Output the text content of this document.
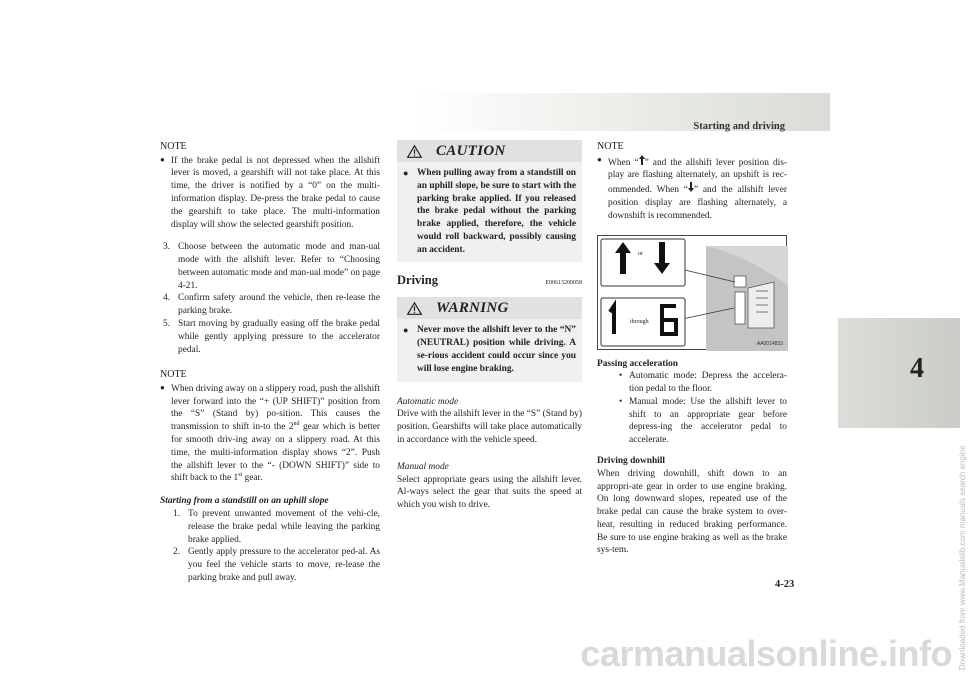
Starting and driving
4
4-23
NOTE
● If the brake pedal is not depressed when the allshift lever is moved, a gearshift will not take place. At this time, the driver is notified by a “0” on the multi-information display. De-press the brake pedal to cause the gearshift to take place. The multi-information display will show the selected gearshift position.
3. Choose between the automatic mode and man-ual mode with the allshift lever. Refer to “Choosing between automatic mode and man-ual mode” on page 4-21.
4. Confirm safety around the vehicle, then re-lease the parking brake.
5. Start moving by gradually easing off the brake pedal while gently applying pressure to the accelerator pedal.
NOTE
● When driving away on a slippery road, push the allshift lever forward into the “+ (UP SHIFT)” position from the “S” (Stand by) po-sition. This causes the transmission to shift in-to the 2nd gear which is better for smooth driv-ing away on a slippery road. At this time, the multi-information display shows “2”. Push the allshift lever to the “- (DOWN SHIFT)” side to shift back to the 1st gear.
Starting from a standstill on an uphill slope
1. To prevent unwanted movement of the vehi-cle, release the brake pedal while leaving the parking brake applied.
2. Gently apply pressure to the accelerator ped-al. As you feel the vehicle starts to move, re-lease the parking brake and pull away.
CAUTION
● When pulling away from a standstill on an uphill slope, be sure to start with the parking brake applied. If you released the brake pedal without the parking brake applied, therefore, the vehicle would roll backward, possibly causing an accident.
Driving	E00613200058
WARNING
● Never move the allshift lever to the “N” (NEUTRAL) position while driving. A se-rious accident could occur since you will lose engine braking.
Automatic mode

Drive with the allshift lever in the “S” (Stand by) position. Gearshifts will take place automatically in accordance with the vehicle speed.

Manual mode

Select appropriate gears using the allshift lever. Al-ways select the gear that suits the speed at which you wish to drive.

NOTE
● When “ ” and the allshift lever position dis-play are flashing alternately, an upshift is rec-ommended. When “ ” and the allshift lever position display are flashing alternately, a downshift is recommended.
or
through
AA0014833
Passing acceleration
• Automatic mode: Depress the accelera-tion pedal to the floor.
• Manual mode: Use the allshift lever to shift to an appropriate gear before depress-ing the accelerator pedal to accelerate.
Driving downhill

When driving downhill, shift down to an appropri-ate gear in order to use engine braking. On long downward slopes, repeated use of the brake pedal can cause the brake system to over-heat, resulting in reduced braking performance. Be sure to use engine braking as well as the brake sys-tem.

carmanualsonline.info Downloaded from www.Manualslib.com manuals search engine
